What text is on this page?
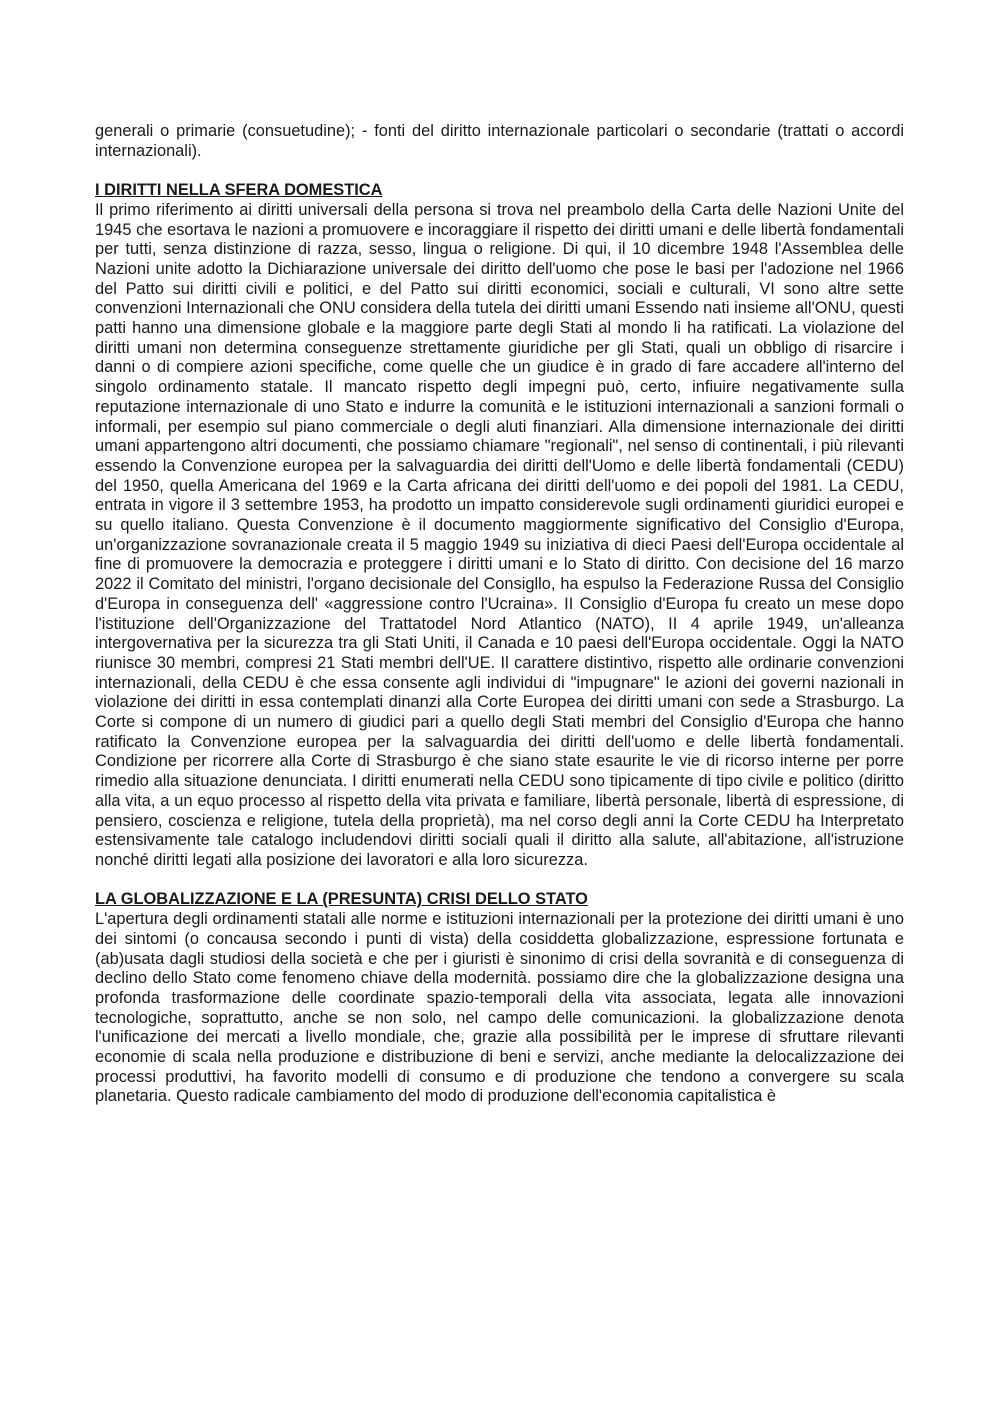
generali o primarie (consuetudine); - fonti del diritto internazionale particolari o secondarie (trattati o accordi internazionali).

I DIRITTI NELLA SFERA DOMESTICA

Il primo riferimento ai diritti universali della persona si trova nel preambolo della Carta delle Nazioni Unite del 1945 che esortava le nazioni a promuovere e incoraggiare il rispetto dei diritti umani e delle libertà fondamentali per tutti, senza distinzione di razza, sesso, lingua o religione. Di qui, il 10 dicembre 1948 l'Assemblea delle Nazioni unite adotto la Dichiarazione universale dei diritto dell'uomo che pose le basi per l'adozione nel 1966 del Patto sui diritti civili e politici, e del Patto sui diritti economici, sociali e culturali, VI sono altre sette convenzioni Internazionali che ONU considera della tutela dei diritti umani Essendo nati insieme all'ONU, questi patti hanno una dimensione globale e la maggiore parte degli Stati al mondo li ha ratificati. La violazione del diritti umani non determina conseguenze strettamente giuridiche per gli Stati, quali un obbligo di risarcire i danni o di compiere azioni specifiche, come quelle che un giudice è in grado di fare accadere all'interno del singolo ordinamento statale. Il mancato rispetto degli impegni può, certo, infiuire negativamente sulla reputazione internazionale di uno Stato e indurre la comunità e le istituzioni internazionali a sanzioni formali o informali, per esempio sul piano commerciale o degli aluti finanziari. Alla dimensione internazionale dei diritti umani appartengono altri documenti, che possiamo chiamare "regionali", nel senso di continentali, i più rilevanti essendo la Convenzione europea per la salvaguardia dei diritti dell'Uomo e delle libertà fondamentali (CEDU) del 1950, quella Americana del 1969 e la Carta africana dei diritti dell'uomo e dei popoli del 1981. La CEDU, entrata in vigore il 3 settembre 1953, ha prodotto un impatto considerevole sugli ordinamenti giuridici europei e su quello italiano. Questa Convenzione è il documento maggiormente significativo del Consiglio d'Europa, un'organizzazione sovranazionale creata il 5 maggio 1949 su iniziativa di dieci Paesi dell'Europa occidentale al fine di promuovere la democrazia e proteggere i diritti umani e lo Stato di diritto. Con decisione del 16 marzo 2022 il Comitato del ministri, l'organo decisionale del Consigllo, ha espulso la Federazione Russa del Consiglio d'Europa in conseguenza dell' «aggressione contro l'Ucraina». II Consiglio d'Europa fu creato un mese dopo l'istituzione dell'Organizzazione del Trattatodel Nord Atlantico (NATO), II 4 aprile 1949, un'alleanza intergovernativa per la sicurezza tra gli Stati Uniti, il Canada e 10 paesi dell'Europa occidentale. Oggi la NATO riunisce 30 membri, compresi 21 Stati membri dell'UE. Il carattere distintivo, rispetto alle ordinarie convenzioni internazionali, della CEDU è che essa consente agli individui di "impugnare" le azioni dei governi nazionali in violazione dei diritti in essa contemplati dinanzi alla Corte Europea dei diritti umani con sede a Strasburgo. La Corte si compone di un numero di giudici pari a quello degli Stati membri del Consiglio d'Europa che hanno ratificato la Convenzione europea per la salvaguardia dei diritti dell'uomo e delle libertà fondamentali. Condizione per ricorrere alla Corte di Strasburgo è che siano state esaurite le vie di ricorso interne per porre rimedio alla situazione denunciata. I diritti enumerati nella CEDU sono tipicamente di tipo civile e politico (diritto alla vita, a un equo processo al rispetto della vita privata e familiare, libertà personale, libertà di espressione, di pensiero, coscienza e religione, tutela della proprietà), ma nel corso degli anni la Corte CEDU ha Interpretato estensivamente tale catalogo includendovi diritti sociali quali il diritto alla salute, all'abitazione, all'istruzione nonché diritti legati alla posizione dei lavoratori e alla loro sicurezza.

LA GLOBALIZZAZIONE E LA (PRESUNTA) CRISI DELLO STATO

L'apertura degli ordinamenti statali alle norme e istituzioni internazionali per la protezione dei diritti umani è uno dei sintomi (o concausa secondo i punti di vista) della cosiddetta globalizzazione, espressione fortunata e (ab)usata dagli studiosi della società e che per i giuristi è sinonimo di crisi della sovranità e di conseguenza di declino dello Stato come fenomeno chiave della modernità. possiamo dire che la globalizzazione designa una profonda trasformazione delle coordinate spazio-temporali della vita associata, legata alle innovazioni tecnologiche, soprattutto, anche se non solo, nel campo delle comunicazioni. la globalizzazione denota l'unificazione dei mercati a livello mondiale, che, grazie alla possibilità per le imprese di sfruttare rilevanti economie di scala nella produzione e distribuzione di beni e servizi, anche mediante la delocalizzazione dei processi produttivi, ha favorito modelli di consumo e di produzione che tendono a convergere su scala planetaria. Questo radicale cambiamento del modo di produzione dell'economia capitalistica è
